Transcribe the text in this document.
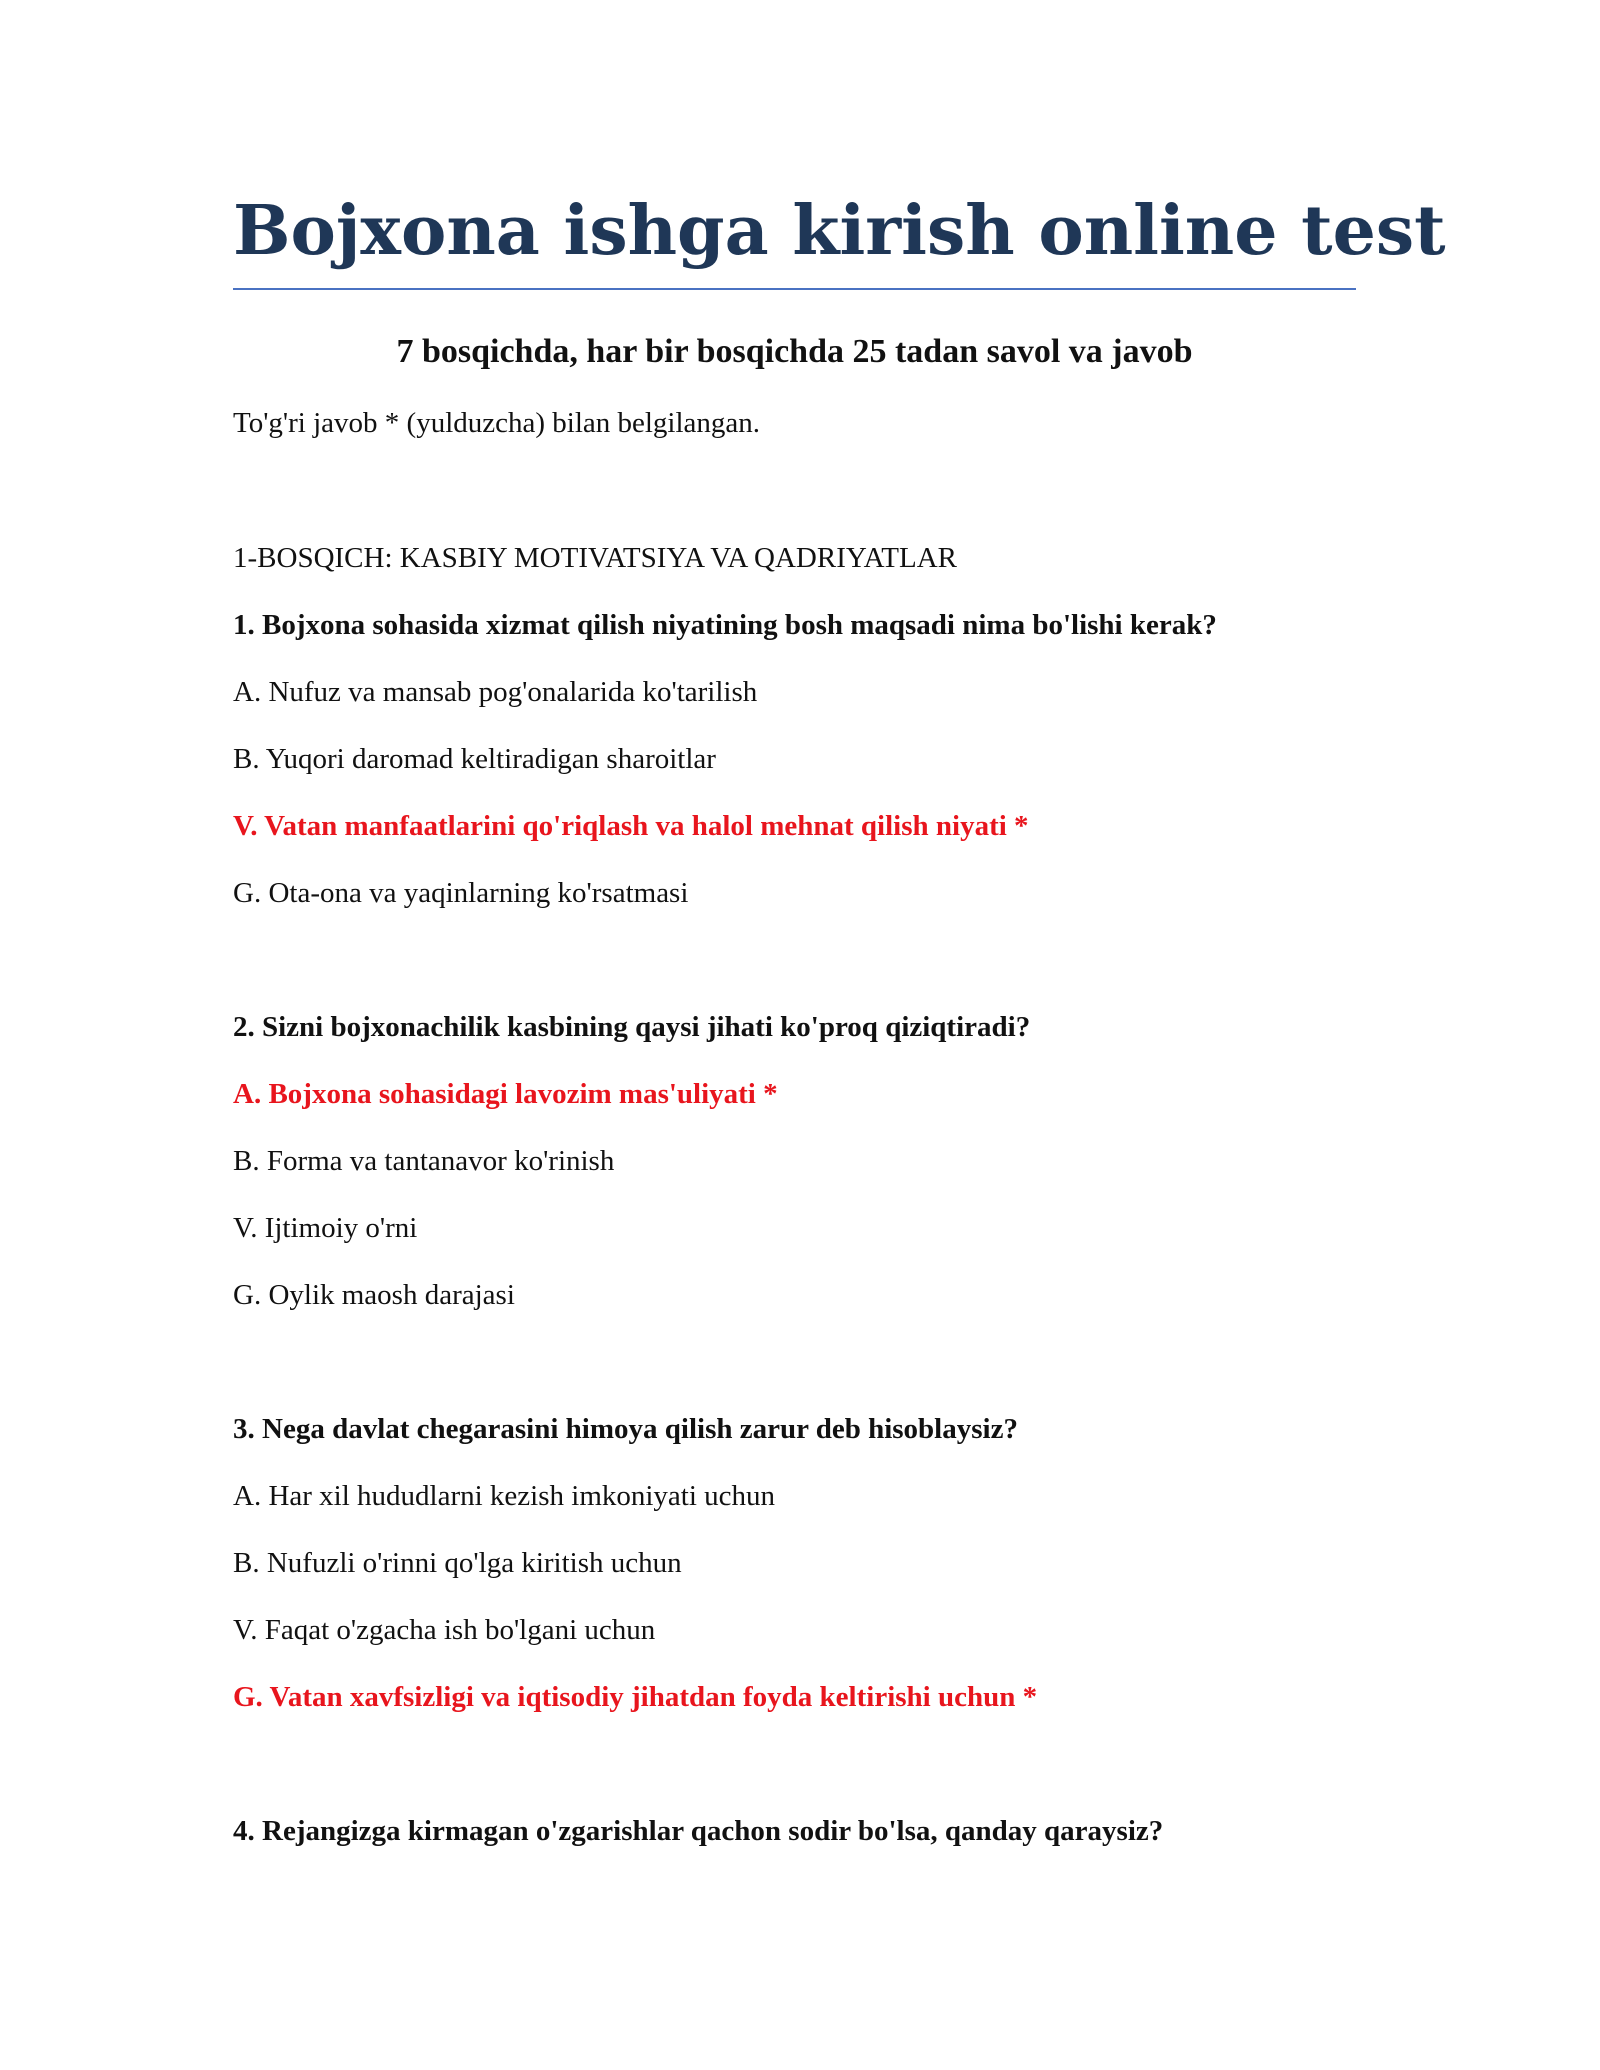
Bojxona ishga kirish online test
7 bosqichda, har bir bosqichda 25 tadan savol va javob
To'g'ri javob * (yulduzcha) bilan belgilangan.
1-BOSQICH: KASBIY MOTIVATSIYA VA QADRIYATLAR
1. Bojxona sohasida xizmat qilish niyatining bosh maqsadi nima bo'lishi kerak?
A. Nufuz va mansab pog'onalarida ko'tarilish
B. Yuqori daromad keltiradigan sharoitlar
V. Vatan manfaatlarini qo'riqlash va halol mehnat qilish niyati *
G. Ota-ona va yaqinlarning ko'rsatmasi
2. Sizni bojxonachilik kasbining qaysi jihati ko'proq qiziqtiradi?
A. Bojxona sohasidagi lavozim mas'uliyati *
B. Forma va tantanavor ko'rinish
V. Ijtimoiy o'rni
G. Oylik maosh darajasi
3. Nega davlat chegarasini himoya qilish zarur deb hisoblaysiz?
A. Har xil hududlarni kezish imkoniyati uchun
B. Nufuzli o'rinni qo'lga kiritish uchun
V. Faqat o'zgacha ish bo'lgani uchun
G. Vatan xavfsizligi va iqtisodiy jihatdan foyda keltirishi uchun *
4. Rejangizga kirmagan o'zgarishlar qachon sodir bo'lsa, qanday qaraysiz?
